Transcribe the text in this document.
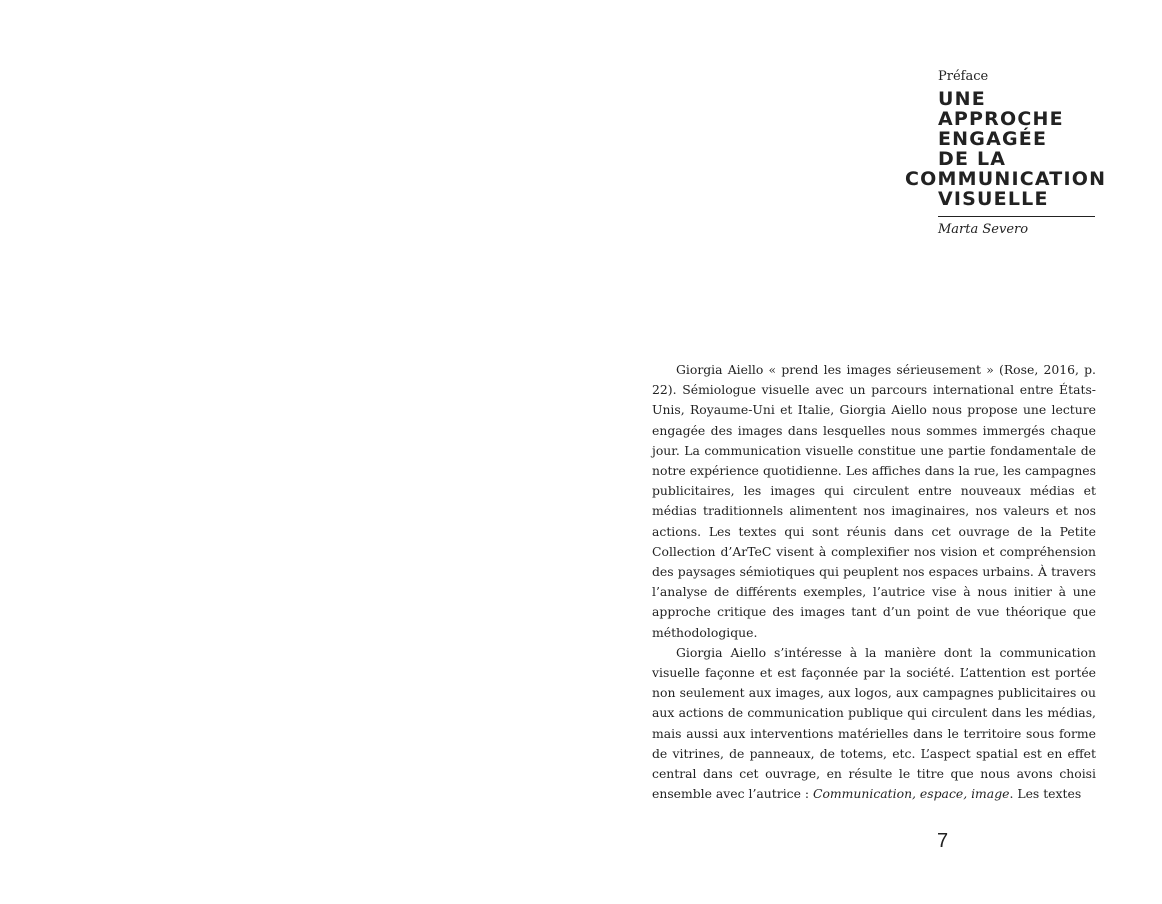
Préface
UNE
APPROCHE
ENGAGÉE
DE LA
COMMUNICATION
VISUELLE
Marta Severo

Giorgia Aiello « prend les images sérieusement » (Rose, 2016, p. 22). Sémiologue visuelle avec un parcours international entre États-Unis, Royaume-Uni et Italie, Giorgia Aiello nous propose une lecture engagée des images dans lesquelles nous sommes immergés chaque jour. La communication visuelle constitue une partie fondamentale de notre expérience quotidienne. Les affiches dans la rue, les campagnes publicitaires, les images qui circulent entre nouveaux médias et médias traditionnels alimentent nos imaginaires, nos valeurs et nos actions. Les textes qui sont réunis dans cet ouvrage de la Petite Collection d’ArTeC visent à complexifier nos vision et compréhension des paysages sémiotiques qui peuplent nos espaces urbains. À travers l’analyse de différents exemples, l’autrice vise à nous initier à une approche critique des images tant d’un point de vue théorique que méthodologique.

Giorgia Aiello s’intéresse à la manière dont la communication visuelle façonne et est façonnée par la société. L’attention est portée non seulement aux images, aux logos, aux campagnes publicitaires ou aux actions de communication publique qui circulent dans les médias, mais aussi aux interventions matérielles dans le territoire sous forme de vitrines, de panneaux, de totems, etc. L’aspect spatial est en effet central dans cet ouvrage, en résulte le titre que nous avons choisi ensemble avec l’autrice : Communication, espace, image. Les textes

7
